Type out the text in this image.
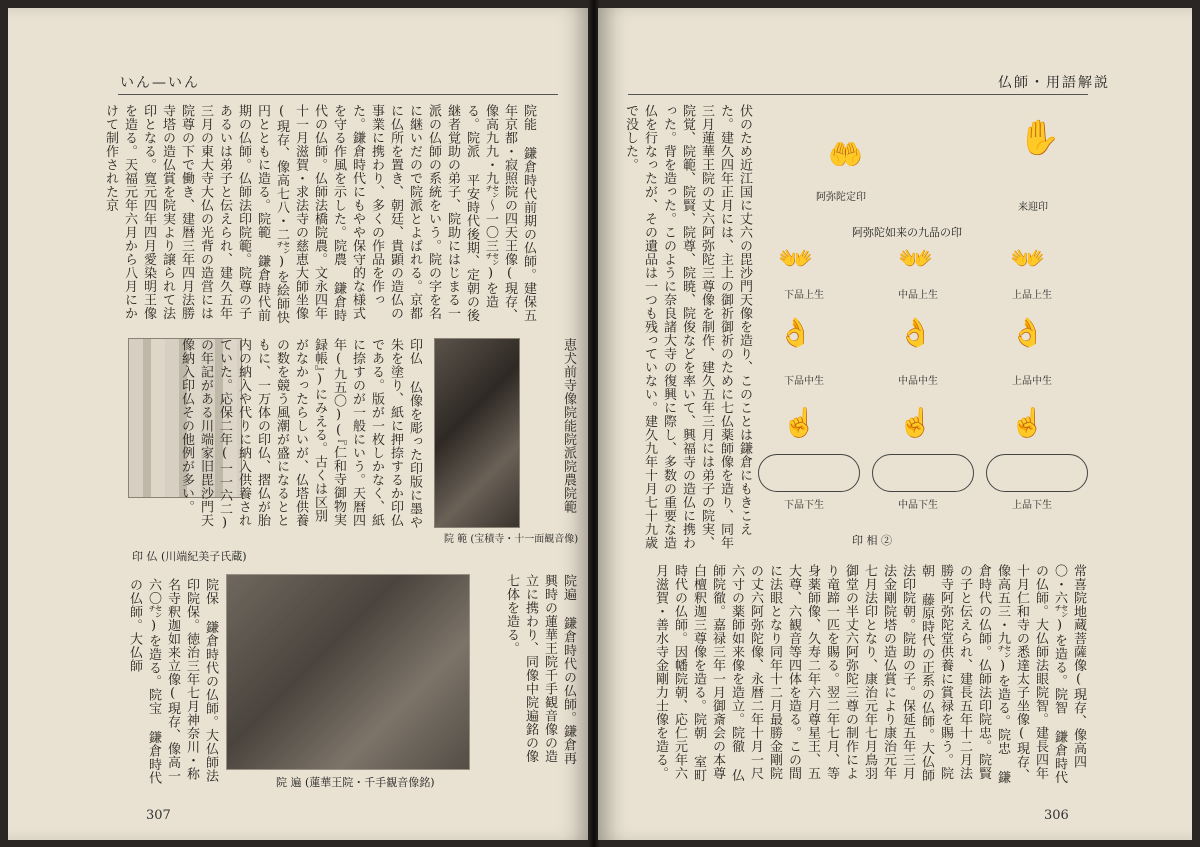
いん—いん
院能 鎌倉時代前期の仏師。建保五年京都・寂照院の四天王像(現存、像高九九・九㌢〜一〇三㌢)を造る。院派 平安時代後期、定朝の後継者覚助の弟子、院助にはじまる一派の仏師の系統をいう。院の字を名に継いだので院派とよばれる。京都に仏所を置き、朝廷、貴顕の造仏の事業に携わり、多くの作品を作った。鎌倉時代にもやや保守的な様式を守る作風を示した。院農 鎌倉時代の仏師。仏師法橋院農。文永四年十一月滋賀・求法寺の慈恵大師坐像(現存、像高七八・二㌢)を絵師快円とともに造る。院範 鎌倉時代前期の仏師。仏師法印院範。院尊の子あるいは弟子と伝えられ、建久五年三月の東大寺大仏の光背の造営には院尊の下で働き、建暦三年四月法勝寺塔の造仏賞を院実より譲られて法印となる。寛元四年四月愛染明王像を造る。天福元年六月から八月にかけて制作された京
印 仏 (川端紀美子氏蔵)
印仏 仏像を彫った印版に墨や朱を塗り、紙に押捺するか印仏である。版が一枚しかなく、紙に捺すのが一般にいう。天暦四年(九五〇)(『仁和寺御物実録帳』)にみえる。古くは区別がなかったらしいが、仏塔供養の数を競う風潮が盛になるとともに、一万体の印仏、摺仏が胎内の納入や代りに納入供養されていた。応保二年(一一六二)の年記がある川端家旧毘沙門天像納入印仏その他例が多い。
院 範 (宝積寺・十一面観音像)
恵犬前寺像院能院派院農院範
院保 鎌倉時代の仏師。大仏師法印院保。徳治三年七月神奈川・称名寺釈迦如来立像(現存、像高一六〇㌢)を造る。院宝 鎌倉時代の仏師。大仏師
院 遍 (蓮華王院・千手観音像銘)
院遍 鎌倉時代の仏師。鎌倉再興時の蓮華王院千手観音像の造立に携わり、同像中院遍銘の像七体を造る。
307
仏師・用語解説
伏のため近江国に丈六の毘沙門天像を造り、このことは鎌倉にもきこえた。建久四年正月には、主上の御祈御祈のために七仏薬師像を造り、同年三月蓮華王院の丈六阿弥陀三尊像を制作、建久五年三月には弟子の院実、院覚、院範、院賢、院尊、院暁、院俊などを率いて、興福寺の造仏に携わった。背を造った。このように奈良諸大寺の復興に際し、多数の重要な造仏を行なったが、その遺品は一つも残っていない。建久九年十月七十九歳で没した。	🤲
阿弥陀定印
✋
来迎印
阿弥陀如来の九品の印
👐	👐	👐
下品上生	中品上生	上品上生
👌	👌	👌
下品中生	中品中生	上品中生
☝	☝	☝
下品下生	中品下生	上品下生
印 相 ②
常喜院地蔵菩薩像(現存、像高四〇・六㌢)を造る。院智 鎌倉時代の仏師。大仏師法眼院智。建長四年十月仁和寺の悉達太子坐像(現存、像高五三・九㌢)を造る。院忠 鎌倉時代の仏師。仏師法印院忠。院賢の子と伝えられ、建長五年十二月法勝寺阿弥陀堂供養に賞禄を賜う。院朝 藤原時代の正系の仏師。大仏師法印院朝。院助の子。保延五年三月法金剛院塔の造仏賞により康治元年七月法印となり、康治元年七月鳥羽御堂の半丈六阿弥陀三尊の制作により竜蹄一匹を賜る。翌二年七月、等身薬師像、久寿二年六月尊星王、五大尊、六観音等四体を造る。この間に法眼となり同年十二月最勝金剛院の丈六阿弥陀像、永暦二年十月一尺六寸の薬師如来像を造立。院徹 仏師院徹。嘉禄三年一月御斎会の本尊白檀釈迦三尊像を造る。院朝 室町時代の仏師。因幡院朝、応仁元年六月滋賀・善水寺金剛力士像を造る。
306
